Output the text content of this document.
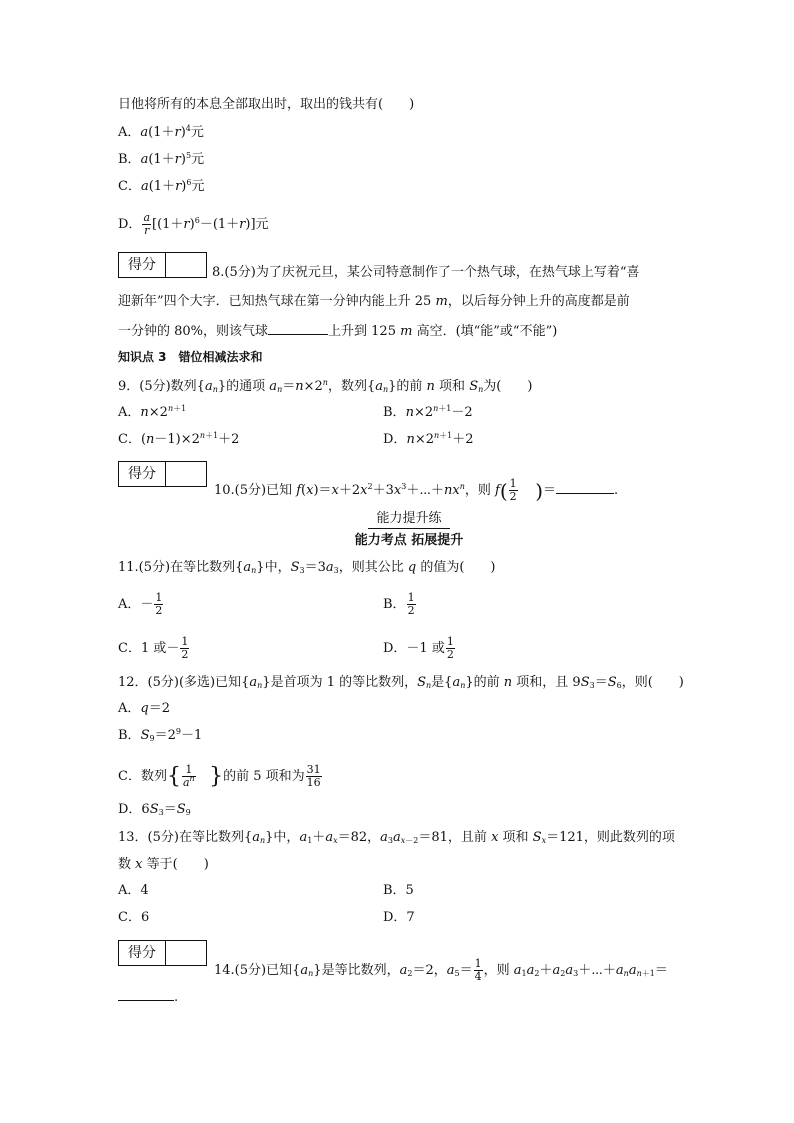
日他将所有的本息全部取出时，取出的钱共有(　　)
A．$a(1+r)^4$元
B．$a(1+r)^5$元
C．$a(1+r)^6$元
D． $\frac{a}{r} [(1+r)^6-(1+r)]$元
得分	8.(5分)为了庆祝元旦，某公司特意制作了一个热气球，在热气球上写着“喜
迎新年”四个大字．已知热气球在第一分钟内能上升 25 m，以后每分钟上升的高度都是前
一分钟的 80%，则该气球	上升到 125 m 高空．(填“能”或“不能”)
知识点 3　错位相减法求和
9．(5分)数列$\{a_n\}$的通项 $a_n=n\times 2^n$，数列$\{a_n\}$的前 n 项和 $S_n$为(　　)
A．$n\times 2^{n+1}$	B．$n\times 2^{n+1}-2$
C．$(n-1)\times 2^{n+1}+2$	D．$n\times 2^{n+1}+2$
得分
10.(5分)已知 $f(x)=x+2x^2+3x^3+\cdots+nx^n$，则 $f( \frac{1}{2}$ )＝	.
能力提升练
能力考点 拓展提升
11.(5分)在等比数列$\{a_n\}$中，$S_3=3a_3$，则其公比 q 的值为(　　)
A．－ $\frac{1}{2}$	B． $\frac{1}{2}$
C．1 或－ $\frac{1}{2}$	D．－1 或 $\frac{1}{2}$
12．(5分)(多选)已知$\{a_n\}$是首项为 1 的等比数列，$S_n$是$\{a_n\}$的前 n 项和，且 $9S_3=S_6$，则(　　)
A．q＝2
B．$S_9=2^9-1$
C．数列{ $\frac{1}{a^n}$ }的前 5 项和为 $\frac{31}{16}$
D．$6S_3=S_9$
13．(5分)在等比数列$\{a_n\}$中，$a_1+a_x=82$，$a_3a_{x-2}=81$，且前 x 项和 $S_x=121$，则此数列的项
数 x 等于(　　)
A．4	B．5
C．6	D．7
得分
14.(5分)已知$\{a_n\}$是等比数列，$a_2=2$，$a_5= \frac{1}{4}$ ，则 $a_1a_2+a_2a_3+\cdots+a_na_{n+1}=$
.
